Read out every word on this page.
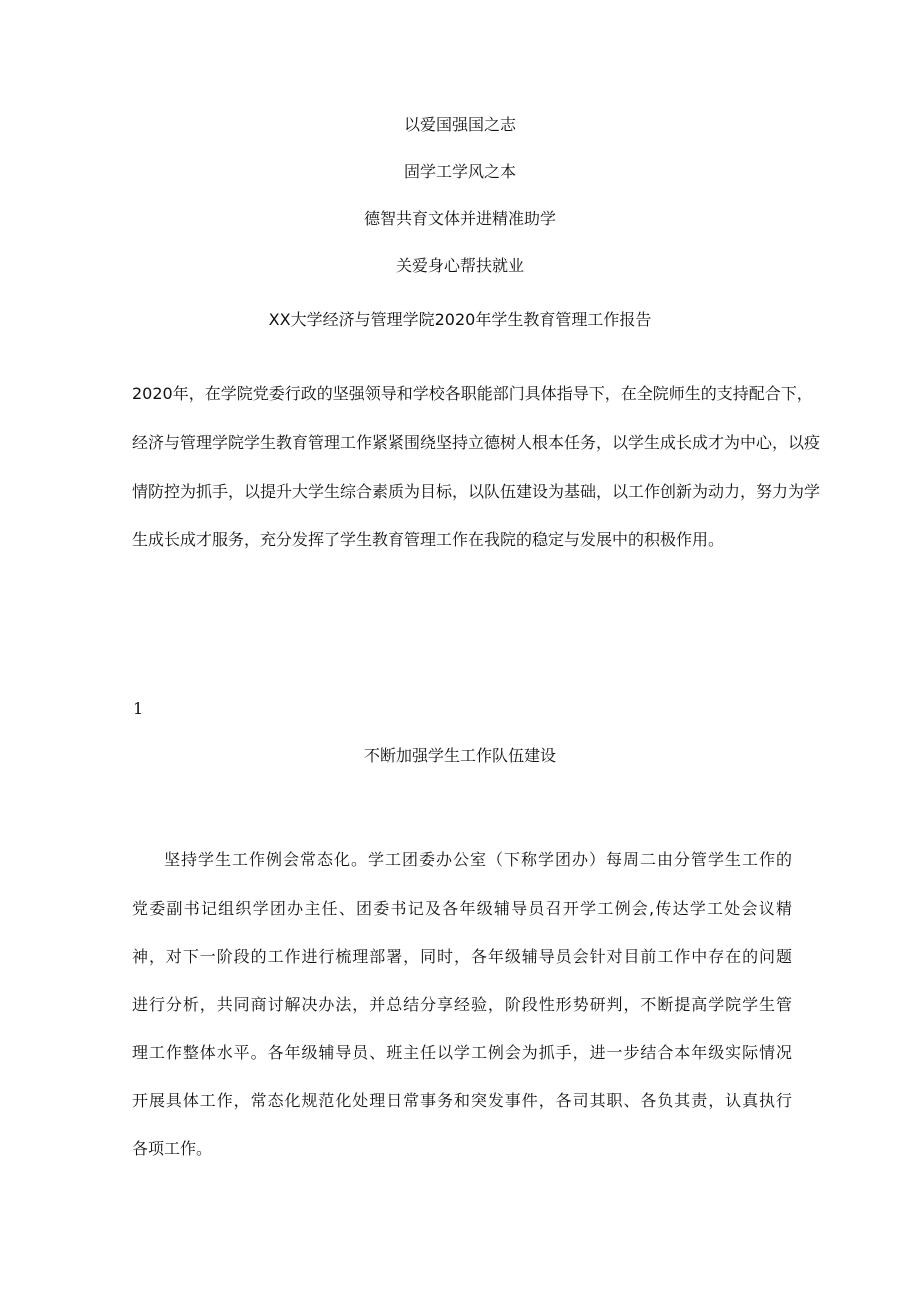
以爱国强国之志
固学工学风之本
德智共育文体并进精准助学
关爱身心帮扶就业
XX大学经济与管理学院2020年学生教育管理工作报告
2020年，在学院党委行政的坚强领导和学校各职能部门具体指导下，在全院师生的支持配合下，
经济与管理学院学生教育管理工作紧紧围绕坚持立德树人根本任务，以学生成长成才为中心，以疫
情防控为抓手，以提升大学生综合素质为目标，以队伍建设为基础，以工作创新为动力，努力为学
生成长成才服务，充分发挥了学生教育管理工作在我院的稳定与发展中的积极作用。
1
不断加强学生工作队伍建设
坚持学生工作例会常态化。学工团委办公室（下称学团办）每周二由分管学生工作的
党委副书记组织学团办主任、团委书记及各年级辅导员召开学工例会,传达学工处会议精
神，对下一阶段的工作进行梳理部署，同时，各年级辅导员会针对目前工作中存在的问题
进行分析，共同商讨解决办法，并总结分享经验，阶段性形势研判，不断提高学院学生管
理工作整体水平。各年级辅导员、班主任以学工例会为抓手，进一步结合本年级实际情况
开展具体工作，常态化规范化处理日常事务和突发事件，各司其职、各负其责，认真执行
各项工作。
